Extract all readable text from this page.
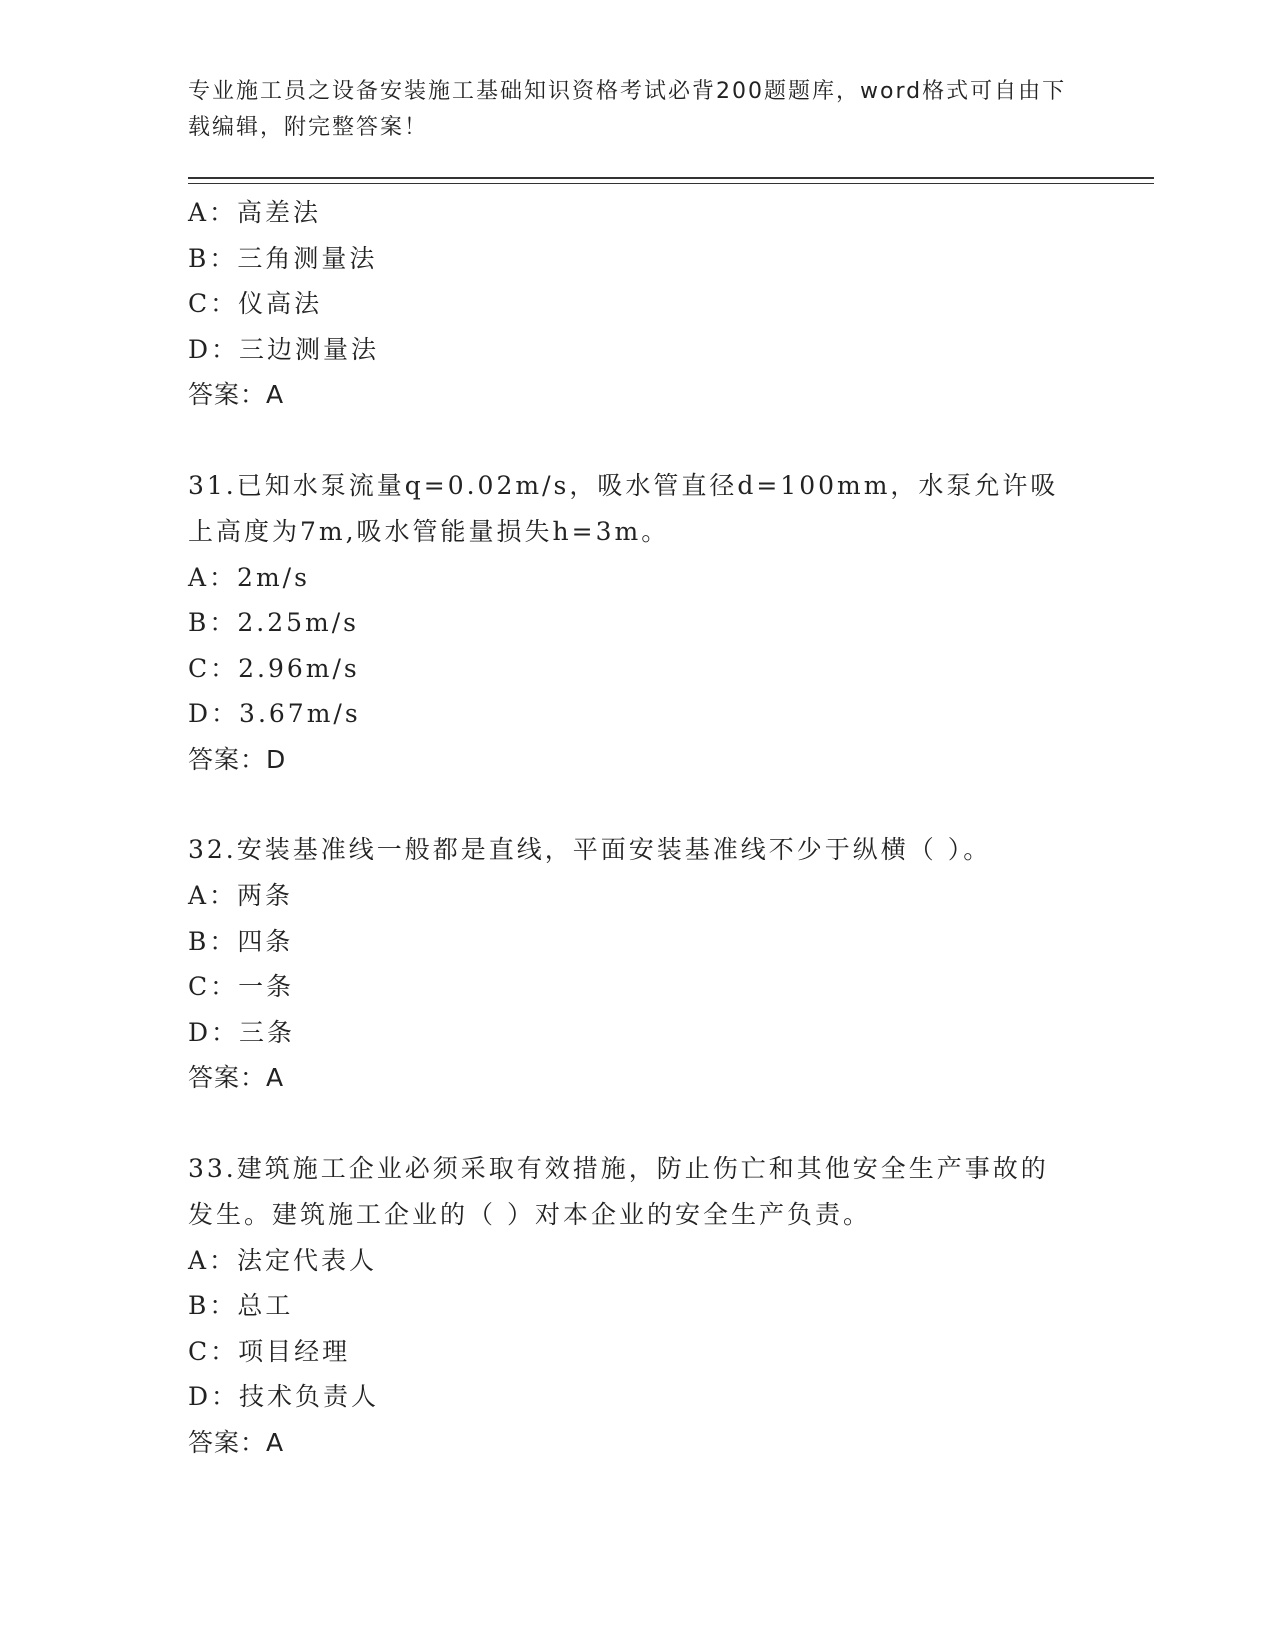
专业施工员之设备安装施工基础知识资格考试必背200题题库，word格式可自由下载编辑，附完整答案！
A：高差法
B：三角测量法
C：仪高法
D：三边测量法
答案：A
31.已知水泵流量q=0.02m/s，吸水管直径d=100mm，水泵允许吸上高度为7m,吸水管能量损失h=3m。
A：2m/s
B：2.25m/s
C：2.96m/s
D：3.67m/s
答案：D
32.安装基准线一般都是直线，平面安装基准线不少于纵横（ ）。
A：两条
B：四条
C：一条
D：三条
答案：A
33.建筑施工企业必须采取有效措施，防止伤亡和其他安全生产事故的发生。建筑施工企业的（ ）对本企业的安全生产负责。
A：法定代表人
B：总工
C：项目经理
D：技术负责人
答案：A
